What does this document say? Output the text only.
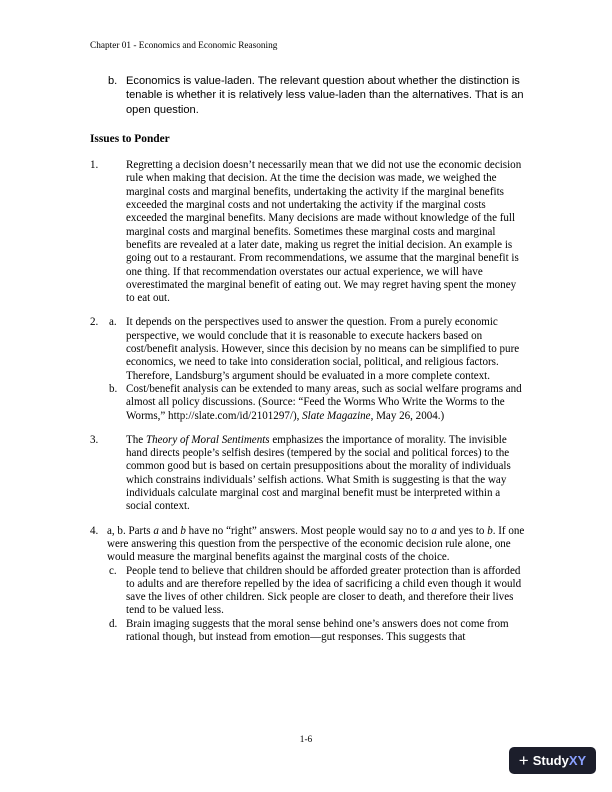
Chapter 01 - Economics and Economic Reasoning
b. Economics is value-laden. The relevant question about whether the distinction is tenable is whether it is relatively less value-laden than the alternatives. That is an open question.
Issues to Ponder
1.	Regretting a decision doesn’t necessarily mean that we did not use the economic decision rule when making that decision. At the time the decision was made, we weighed the marginal costs and marginal benefits, undertaking the activity if the marginal benefits exceeded the marginal costs and not undertaking the activity if the marginal costs exceeded the marginal benefits. Many decisions are made without knowledge of the full marginal costs and marginal benefits. Sometimes these marginal costs and marginal benefits are revealed at a later date, making us regret the initial decision. An example is going out to a restaurant. From recommendations, we assume that the marginal benefit is one thing. If that recommendation overstates our actual experience, we will have overestimated the marginal benefit of eating out. We may regret having spent the money to eat out.

2. a. It depends on the perspectives used to answer the question. From a purely economic perspective, we would conclude that it is reasonable to execute hackers based on cost/benefit analysis. However, since this decision by no means can be simplified to pure economics, we need to take into consideration social, political, and religious factors. Therefore, Landsburg’s argument should be evaluated in a more complete context.
b. Cost/benefit analysis can be extended to many areas, such as social welfare programs and almost all policy discussions. (Source: “Feed the Worms Who Write the Worms to the Worms,” http://slate.com/id/2101297/), Slate Magazine, May 26, 2004.)
3.	The Theory of Moral Sentiments emphasizes the importance of morality. The invisible hand directs people’s selfish desires (tempered by the social and political forces) to the common good but is based on certain presuppositions about the morality of individuals which constrains individuals’ selfish actions. What Smith is suggesting is that the way individuals calculate marginal cost and marginal benefit must be interpreted within a social context.

4. a, b. Parts a and b have no “right” answers. Most people would say no to a and yes to b. If one were answering this question from the perspective of the economic decision rule alone, one would measure the marginal benefits against the marginal costs of the choice.
c. People tend to believe that children should be afforded greater protection than is afforded to adults and are therefore repelled by the idea of sacrificing a child even though it would save the lives of other children. Sick people are closer to death, and therefore their lives tend to be valued less.
d. Brain imaging suggests that the moral sense behind one’s answers does not come from rational though, but instead from emotion—gut responses. This suggests that
1-6
+ Study XY
